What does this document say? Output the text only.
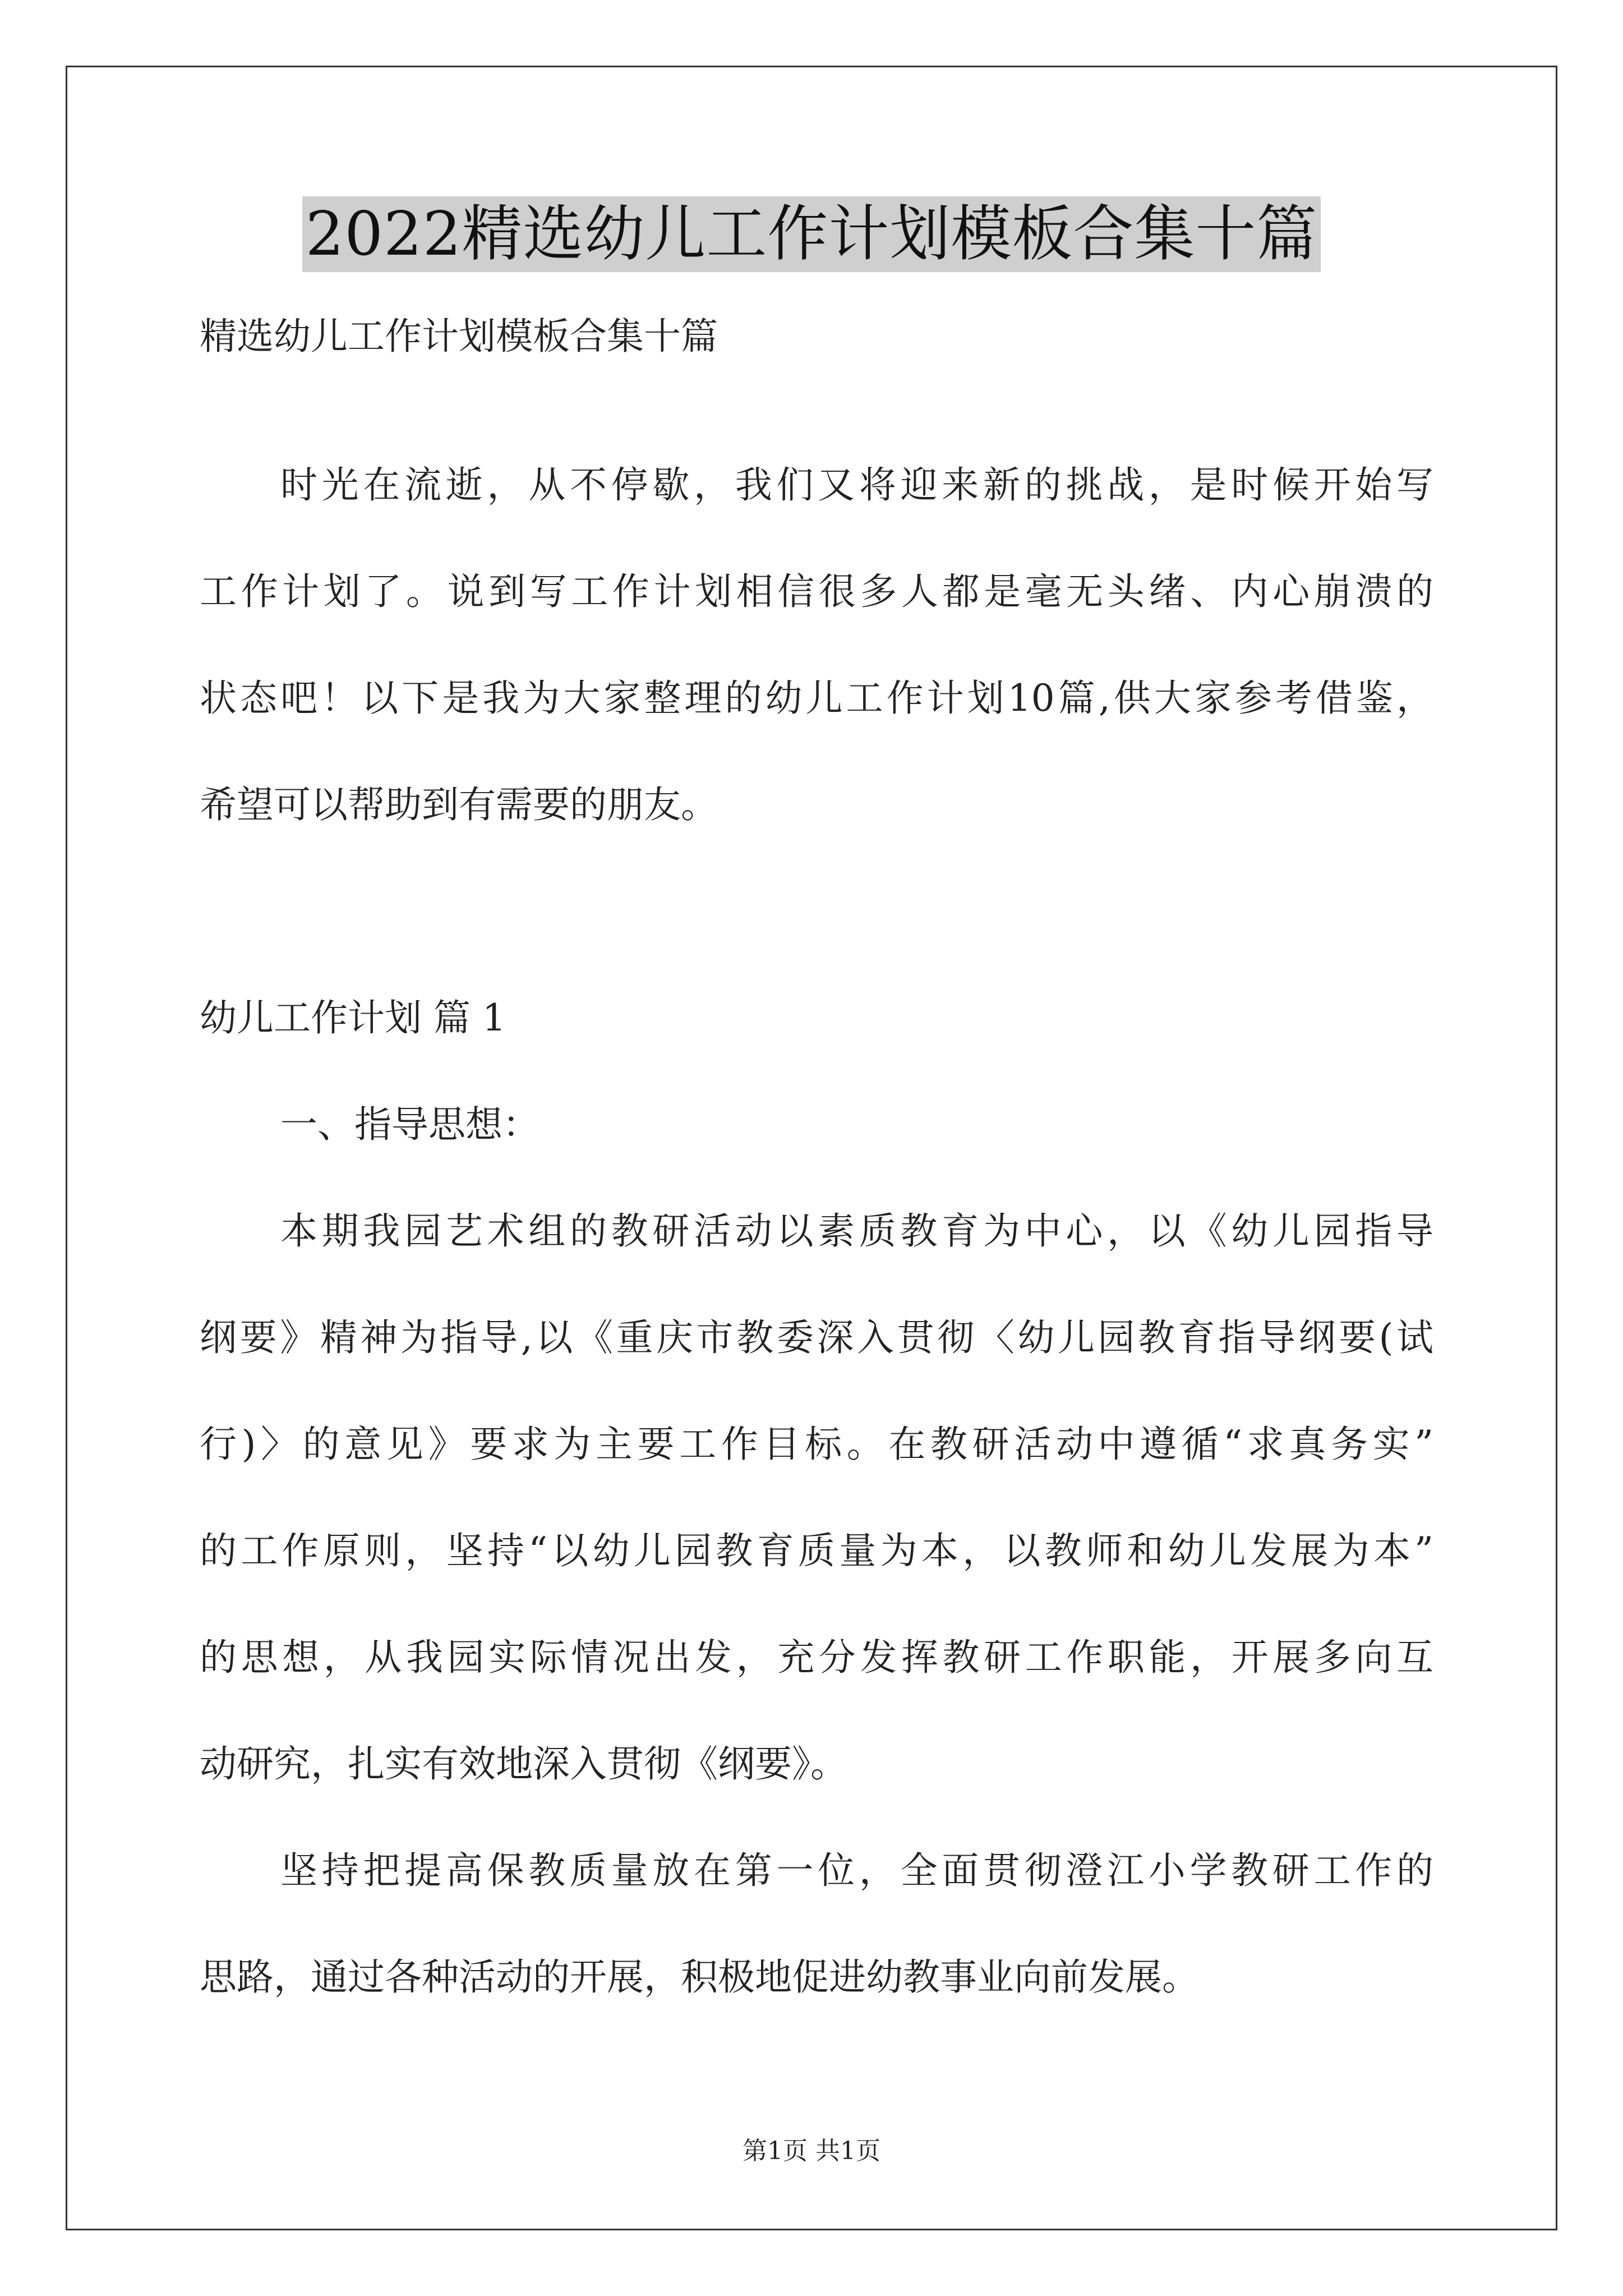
2022精选幼儿工作计划模板合集十篇
精选幼儿工作计划模板合集十篇
时光在流逝，从不停歇，我们又将迎来新的挑战，是时候开始写
工作计划了。说到写工作计划相信很多人都是毫无头绪、内心崩溃的
状态吧！以下是我为大家整理的幼儿工作计划10篇,供大家参考借鉴，
希望可以帮助到有需要的朋友。
幼儿工作计划 篇 1
一、指导思想：
本期我园艺术组的教研活动以素质教育为中心，以《幼儿园指导
纲要》精神为指导,以《重庆市教委深入贯彻〈幼儿园教育指导纲要(试
行)〉的意见》要求为主要工作目标。在教研活动中遵循“求真务实”
的工作原则，坚持“以幼儿园教育质量为本，以教师和幼儿发展为本”
的思想，从我园实际情况出发，充分发挥教研工作职能，开展多向互
动研究，扎实有效地深入贯彻《纲要》。
坚持把提高保教质量放在第一位，全面贯彻澄江小学教研工作的
思路，通过各种活动的开展，积极地促进幼教事业向前发展。
第1页 共1页
